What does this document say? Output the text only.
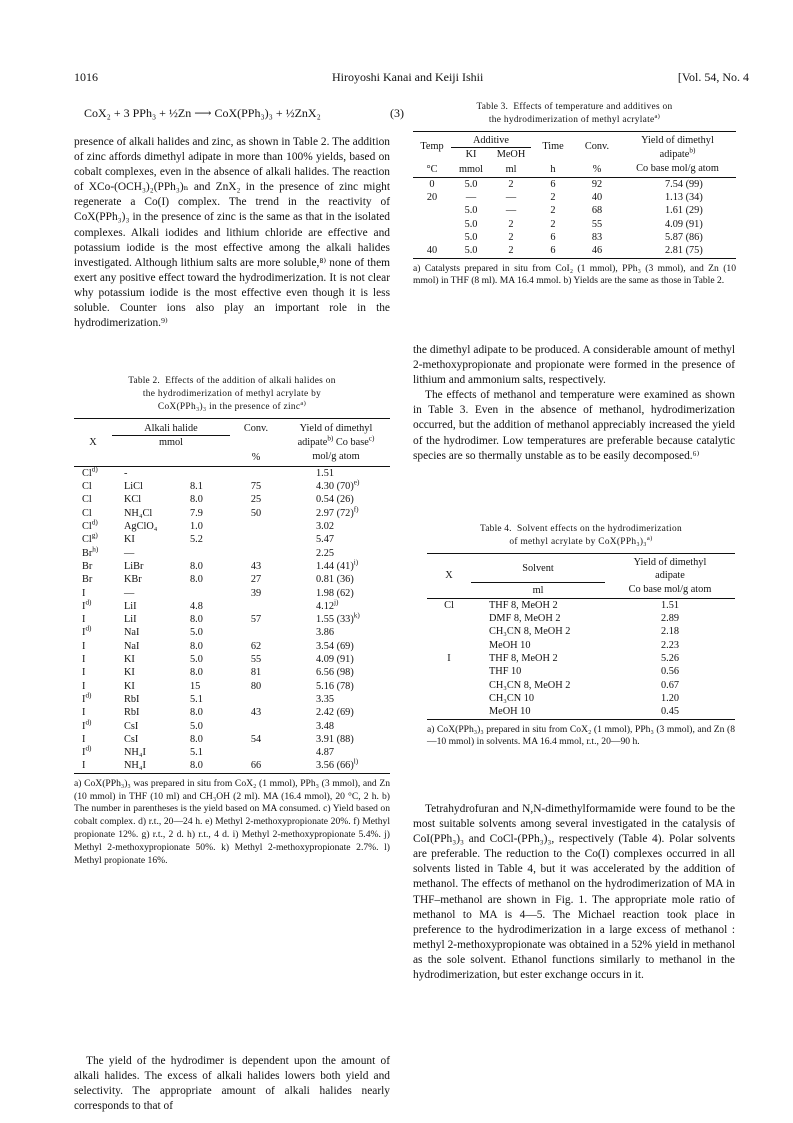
1016	Hiroyoshi Kanai and Keiji Ishii	[Vol. 54, No. 4
CoX₂ + 3 PPh₃ + ½Zn ⟶ CoX(PPh₃)₃ + ½ZnX₂	(3)

presence of alkali halides and zinc, as shown in Table 2. The addition of zinc affords dimethyl adipate in more than 100% yields, based on cobalt complexes, even in the absence of alkali halides. The reaction of XCo-(OCH₃)₂(PPh₃)ₙ and ZnX₂ in the presence of zinc might regenerate a Co(I) complex. The trend in the reactivity of CoX(PPh₃)₃ in the presence of zinc is the same as that in the isolated complexes. Alkali iodides and lithium chloride are effective and potassium iodide is the most effective among the alkali halides investigated. Although lithium salts are more soluble,⁸⁾ none of them exert any positive effect toward the hydrodimerization. It is not clear why potassium iodide is the most effective even though it is less soluble. Counter ions also play an important role in the hydrodimerization.⁹⁾

Table 2. Effects of the addition of alkali halides on
the hydrodimerization of methyl acrylate by
CoX(PPh₃)₃ in the presence of zinc$^{a)}$
X	Alkali halide		Conv.	Yield of dimethyl
	mmol			adipate$^{b)}$ Co base$^{c)}$

			%	mol/g atom
Cl$^{d)}$	-			1.51
Cl	LiCl	8.1	75	4.30 $(70)^{e)}$
Cl	KCl	8.0	25	0.54 (26)
Cl	NH₄Cl	7.9	50	2.97 $(72)^{f)}$
Cl$^{d)}$	AgClO₄	1.0		3.02
Cl$^{g)}$	KI	5.2		5.47
Br$^{h)}$	—			2.25
Br	LiBr	8.0	43	1.44 $(41)^{i)}$
Br	KBr	8.0	27	0.81 (36)
I	—		39	1.98 (62)
$I^{d)}$	LiI	4.8		4.12$^{j)}$
I	LiI	8.0	57	1.55 $(33)^{k)}$
$I^{d)}$	NaI	5.0		3.86
I	NaI	8.0	62	3.54 (69)
I	KI	5.0	55	4.09 (91)
I	KI	8.0	81	6.56 (98)
I	KI	15	80	5.16 (78)
$I^{d)}$	RbI	5.1		3.35
I	RbI	8.0	43	2.42 (69)
$I^{d)}$	CsI	5.0		3.48
I	CsI	8.0	54	3.91 (88)
$I^{d)}$	NH₄I	5.1		4.87
I	NH₄I	8.0	66	3.56 $(66)^{l)}$
a) CoX(PPh₃)₃ was prepared in situ from CoX₂ (1 mmol), PPh₃ (3 mmol), and Zn (10 mmol) in THF (10 ml) and CH₃OH (2 ml). MA (16.4 mmol), 20 °C, 2 h. b) The number in parentheses is the yield based on MA consumed. c) Yield based on cobalt complex. d) r.t., 20—24 h. e) Methyl 2-methoxypropionate 20%. f) Methyl propionate 12%. g) r.t., 2 d. h) r.t., 4 d. i) Methyl 2-methoxypropionate 5.4%. j) Methyl 2-methoxypropionate 50%. k) Methyl 2-methoxypropionate 2.7%. l) Methyl propionate 16%.

The yield of the hydrodimer is dependent upon the amount of alkali halides. The excess of alkali halides lowers both yield and selectivity. The appropriate amount of alkali halides nearly corresponds to that of

Table 3. Effects of temperature and additives on
the hydrodimerization of methyl acrylate$^{a)}$
Temp	Additive		Time	Conv.	Yield of dimethyl
	KI	MeOH			adipate$^{b)}$
°C	mmol	ml	h	%	Co base mol/g atom
0	5.0	2	6	92	7.54 (99)
20	—	—	2	40	1.13 (34)
	5.0	—	2	68	1.61 (29)
	5.0	2	2	55	4.09 (91)
	5.0	2	6	83	5.87 (86)
40	5.0	2	6	46	2.81 (75)
a) Catalysts prepared in situ from CoI₂ (1 mmol), PPh₃ (3 mmol), and Zn (10 mmol) in THF (8 ml). MA 16.4 mmol. b) Yields are the same as those in Table 2.

the dimethyl adipate to be produced. A considerable amount of methyl 2-methoxypropionate and propionate were formed in the presence of lithium and ammonium salts, respectively.

The effects of methanol and temperature were examined as shown in Table 3. Even in the absence of methanol, hydrodimerization occurred, but the addition of methanol appreciably increased the yield of the hydrodimer. Low temperatures are preferable because catalytic species are so thermally unstable as to be easily decomposed.⁶⁾

Table 4. Solvent effects on the hydrodimerization
of methyl acrylate by CoX(PPh₃)₃$^{a)}$
X	Solvent	Yield of dimethyl
		adipate
	ml	Co base mol/g atom
Cl	THF 8, MeOH 2	1.51
	DMF 8, MeOH 2	2.89
	CH₃CN 8, MeOH 2	2.18
	MeOH 10	2.23
I	THF 8, MeOH 2	5.26
	THF 10	0.56
	CH₃CN 8, MeOH 2	0.67
	CH₃CN 10	1.20
	MeOH 10	0.45
a) CoX(PPh₃)₃ prepared in situ from CoX₂ (1 mmol), PPh₃ (3 mmol), and Zn (8—10 mmol) in solvents. MA 16.4 mmol, r.t., 20—90 h.

Tetrahydrofuran and N,N-dimethylformamide were found to be the most suitable solvents among several investigated in the catalysis of CoI(PPh₃)₃ and CoCl-(PPh₃)₃, respectively (Table 4). Polar solvents are preferable. The reduction to the Co(I) complexes occurred in all solvents listed in Table 4, but it was accelerated by the addition of methanol. The effects of methanol on the hydrodimerization of MA in THF–methanol are shown in Fig. 1. The appropriate mole ratio of methanol to MA is 4—5. The Michael reaction took place in preference to the hydrodimerization in a large excess of methanol : methyl 2-methoxypropionate was obtained in a 52% yield in methanol as the sole solvent. Ethanol functions similarly to methanol in the hydrodimerization, but ester exchange occurs in it.
